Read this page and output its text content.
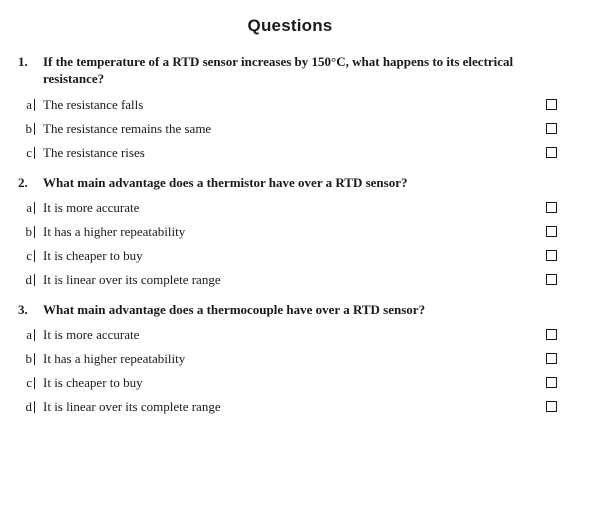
Questions
1.	If the temperature of a RTD sensor increases by 150°C, what happens to its electrical resistance?
a The resistance falls
b The resistance remains the same
c The resistance rises
2.	What main advantage does a thermistor have over a RTD sensor?
a It is more accurate
b It has a higher repeatability
c It is cheaper to buy
d It is linear over its complete range
3.	What main advantage does a thermocouple have over a RTD sensor?
a It is more accurate
b It has a higher repeatability
c It is cheaper to buy
d It is linear over its complete range
